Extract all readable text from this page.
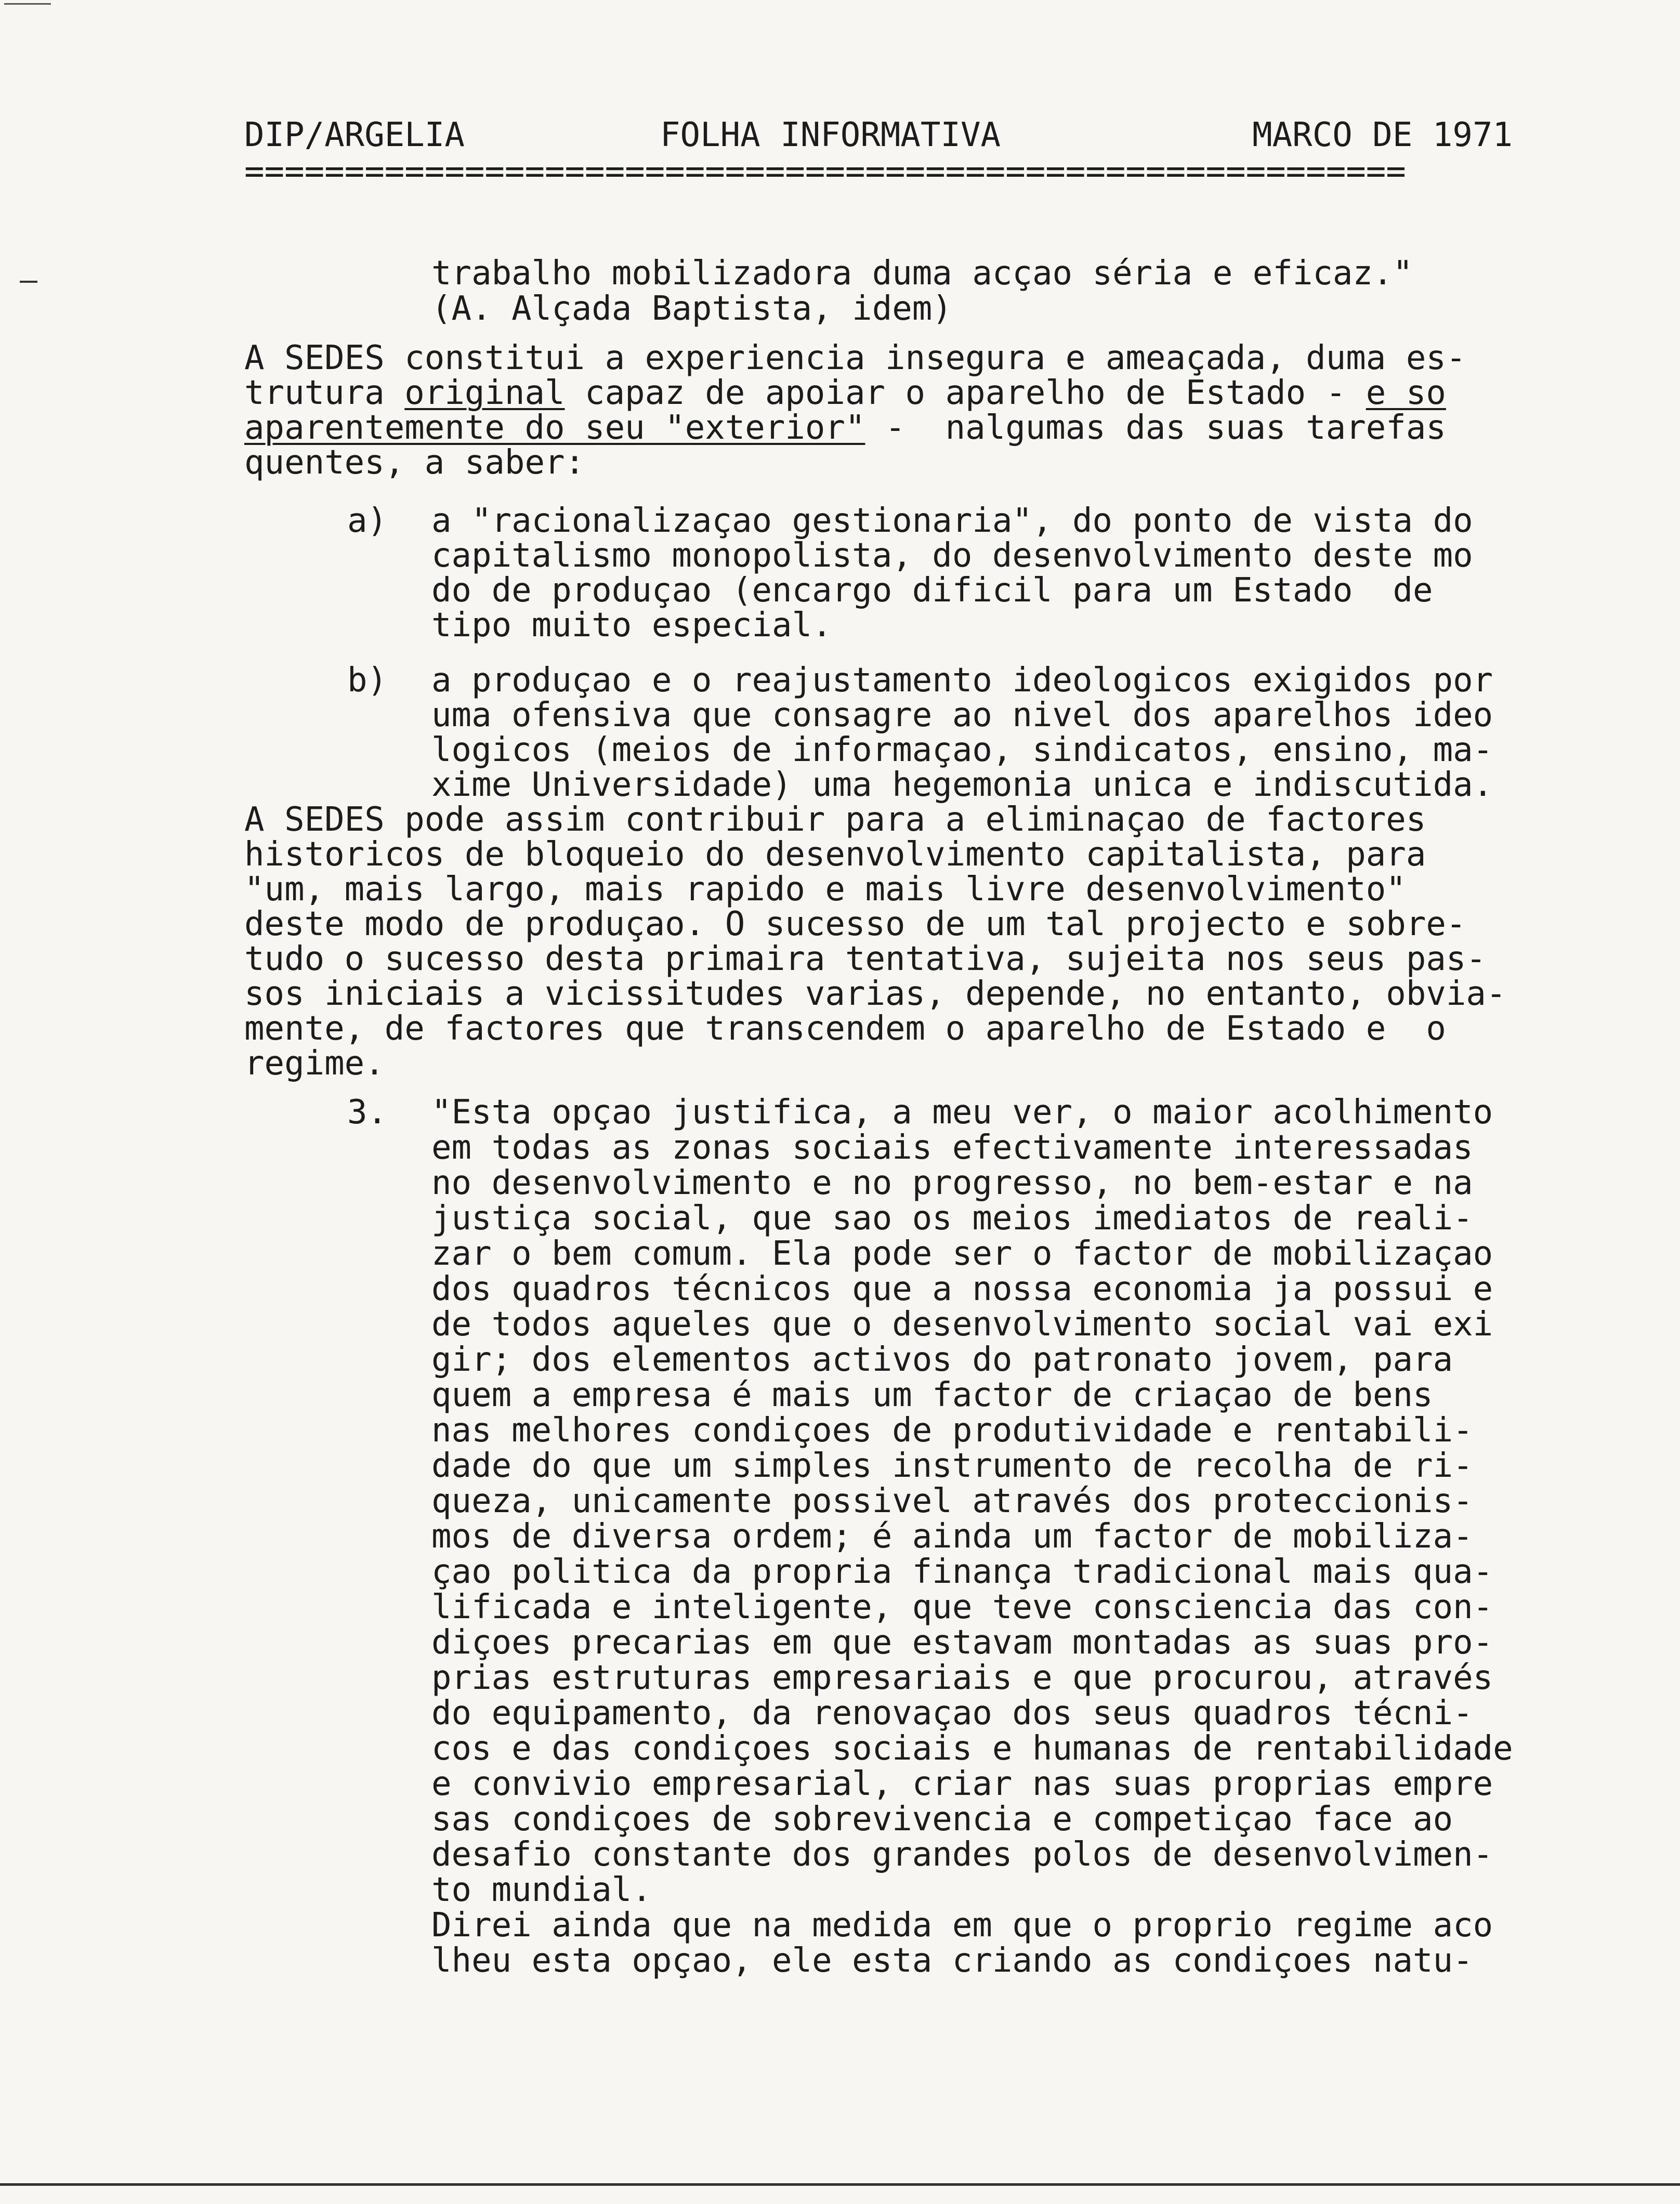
DIP/ARGELIA

	FOLHA INFORMATIVA

	MARCO DE 1971

==========================================================
trabalho mobilizadora duma acçao séria e eficaz."
(A. Alçada Baptista, idem)
A SEDES constitui a experiencia insegura e ameaçada, duma es-
trutura original capaz de apoiar o aparelho de Estado - e so
aparentemente do seu "exterior" -  nalgumas das suas tarefas
quentes, a saber:
a) a "racionalizaçao gestionaria", do ponto de vista do
capitalismo monopolista, do desenvolvimento deste mo
do de produçao (encargo dificil para um Estado  de
tipo muito especial.
b) a produçao e o reajustamento ideologicos exigidos por
uma ofensiva que consagre ao nivel dos aparelhos ideo
logicos (meios de informaçao, sindicatos, ensino, ma-
xime Universidade) uma hegemonia unica e indiscutida.
A SEDES pode assim contribuir para a eliminaçao de factores
historicos de bloqueio do desenvolvimento capitalista, para
"um, mais largo, mais rapido e mais livre desenvolvimento"
deste modo de produçao. O sucesso de um tal projecto e sobre-
tudo o sucesso desta primaira tentativa, sujeita nos seus pas-
sos iniciais a vicissitudes varias, depende, no entanto, obvia-
mente, de factores que transcendem o aparelho de Estado e  o
regime.
3. "Esta opçao justifica, a meu ver, o maior acolhimento
em todas as zonas sociais efectivamente interessadas
no desenvolvimento e no progresso, no bem-estar e na
justiça social, que sao os meios imediatos de reali-
zar o bem comum. Ela pode ser o factor de mobilizaçao
dos quadros técnicos que a nossa economia ja possui e
de todos aqueles que o desenvolvimento social vai exi
gir; dos elementos activos do patronato jovem, para
quem a empresa é mais um factor de criaçao de bens
nas melhores condiçoes de produtividade e rentabili-
dade do que um simples instrumento de recolha de ri-
queza, unicamente possivel através dos proteccionis-
mos de diversa ordem; é ainda um factor de mobiliza-
çao politica da propria finança tradicional mais qua-
lificada e inteligente, que teve consciencia das con-
diçoes precarias em que estavam montadas as suas pro-
prias estruturas empresariais e que procurou, através
do equipamento, da renovaçao dos seus quadros técni-
cos e das condiçoes sociais e humanas de rentabilidade
e convivio empresarial, criar nas suas proprias empre
sas condiçoes de sobrevivencia e competiçao face ao
desafio constante dos grandes polos de desenvolvimen-
to mundial.
Direi ainda que na medida em que o proprio regime aco
lheu esta opçao, ele esta criando as condiçoes natu-
